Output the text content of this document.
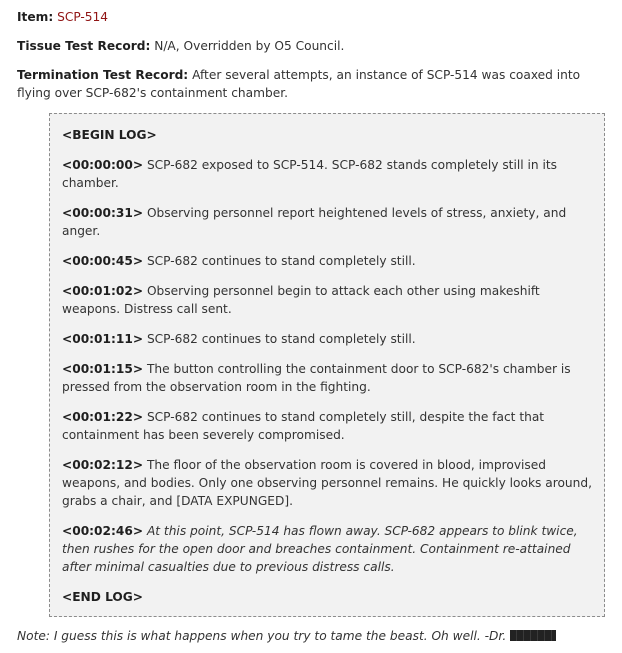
Item: SCP-514

Tissue Test Record: N/A, Overridden by O5 Council.

Termination Test Record: After several attempts, an instance of SCP-514 was coaxed into flying over SCP-682's containment chamber.

<BEGIN LOG>

<00:00:00> SCP-682 exposed to SCP-514. SCP-682 stands completely still in its chamber.

<00:00:31> Observing personnel report heightened levels of stress, anxiety, and anger.

<00:00:45> SCP-682 continues to stand completely still.

<00:01:02> Observing personnel begin to attack each other using makeshift weapons. Distress call sent.

<00:01:11> SCP-682 continues to stand completely still.

<00:01:15> The button controlling the containment door to SCP-682's chamber is pressed from the observation room in the fighting.

<00:01:22> SCP-682 continues to stand completely still, despite the fact that containment has been severely compromised.

<00:02:12> The floor of the observation room is covered in blood, improvised weapons, and bodies. Only one observing personnel remains. He quickly looks around, grabs a chair, and [DATA EXPUNGED].

<00:02:46> At this point, SCP-514 has flown away. SCP-682 appears to blink twice, then rushes for the open door and breaches containment. Containment re-attained after minimal casualties due to previous distress calls.

<END LOG>

Note: I guess this is what happens when you try to tame the beast. Oh well. -Dr.
